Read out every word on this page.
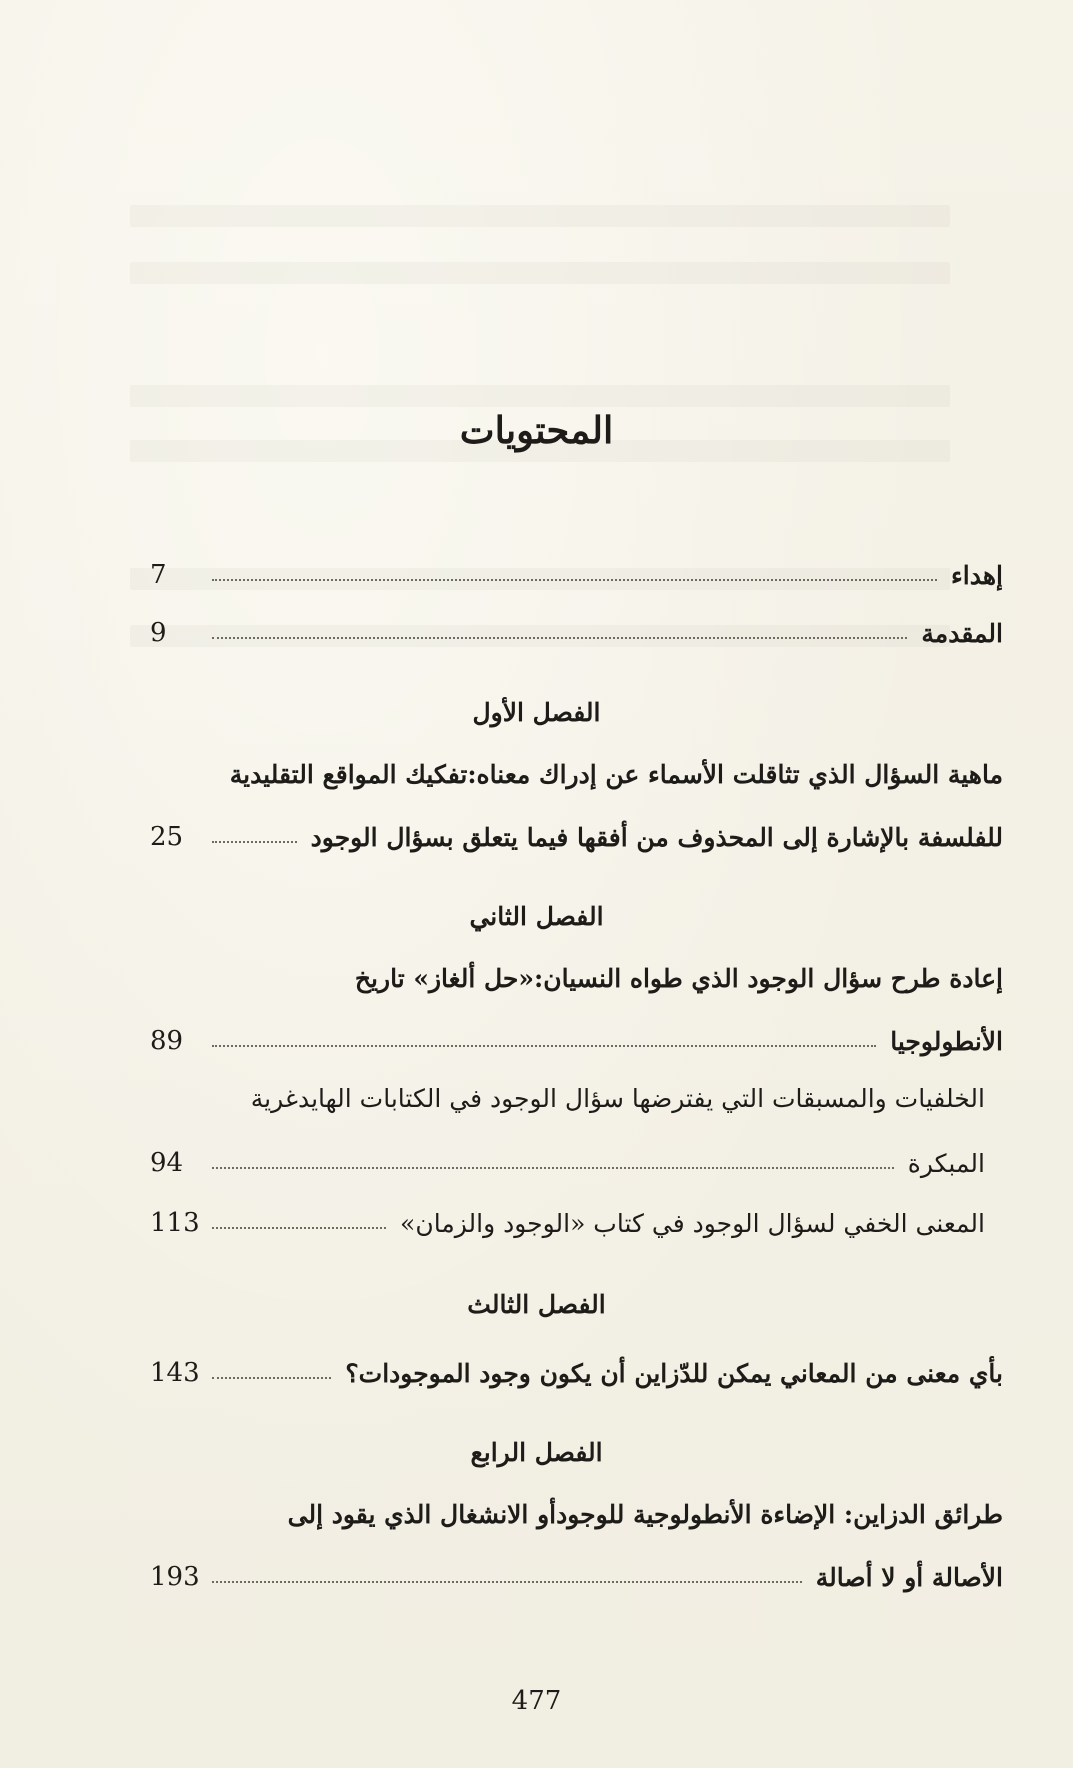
المحتويات
7	إهداء
9	المقدمة
الفصل الأول
ماهية السؤال الذي تثاقلت الأسماء عن إدراك معناه:تفكيك المواقع التقليدية
25	للفلسفة بالإشارة إلى المحذوف من أفقها فيما يتعلق بسؤال الوجود
الفصل الثاني
إعادة طرح سؤال الوجود الذي طواه النسيان:«حل ألغاز» تاريخ
89	الأنطولوجيا
الخلفيات والمسبقات التي يفترضها سؤال الوجود في الكتابات الهايدغرية
94	المبكرة
113	المعنى الخفي لسؤال الوجود في كتاب «الوجود والزمان»
الفصل الثالث
143	بأي معنى من المعاني يمكن للدّزاين أن يكون وجود الموجودات؟
الفصل الرابع
طرائق الدزاين: الإضاءة الأنطولوجية للوجودأو الانشغال الذي يقود إلى
193	الأصالة أو لا أصالة
477
